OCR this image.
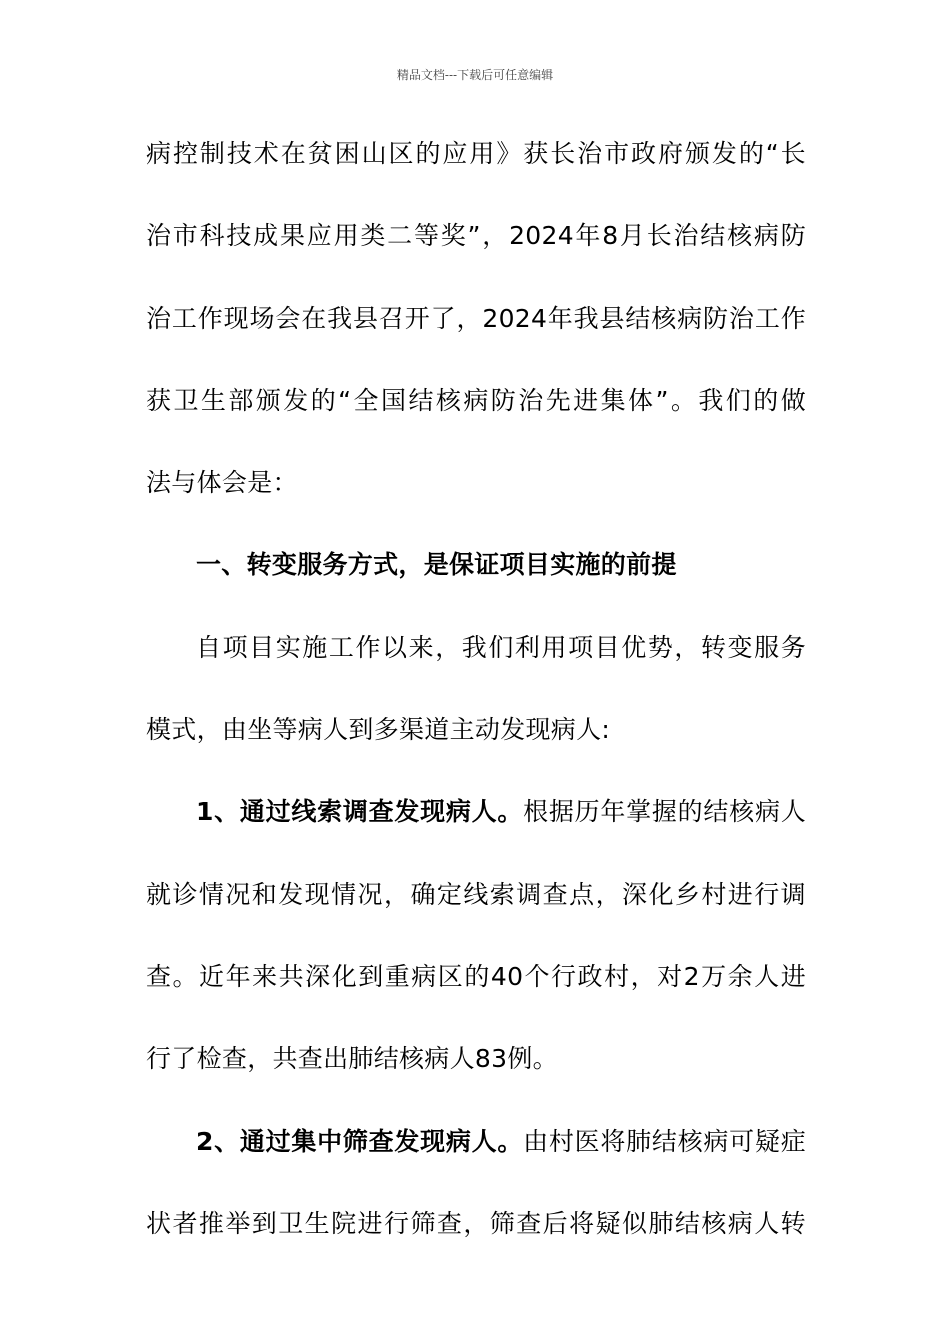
精品文档---下载后可任意编辑
病控制技术在贫困山区的应用》获长治市政府颁发的“长
治市科技成果应用类二等奖”，2024年8月长治结核病防
治工作现场会在我县召开了，2024年我县结核病防治工作
获卫生部颁发的“全国结核病防治先进集体”。我们的做
法与体会是：
一、转变服务方式，是保证项目实施的前提
自项目实施工作以来，我们利用项目优势，转变服务
模式，由坐等病人到多渠道主动发现病人:
1、通过线索调查发现病人。根据历年掌握的结核病人
就诊情况和发现情况，确定线索调查点，深化乡村进行调
查。近年来共深化到重病区的40个行政村，对2万余人进
行了检查，共查出肺结核病人83例。
2、通过集中筛查发现病人。由村医将肺结核病可疑症
状者推举到卫生院进行筛查，筛查后将疑似肺结核病人转
